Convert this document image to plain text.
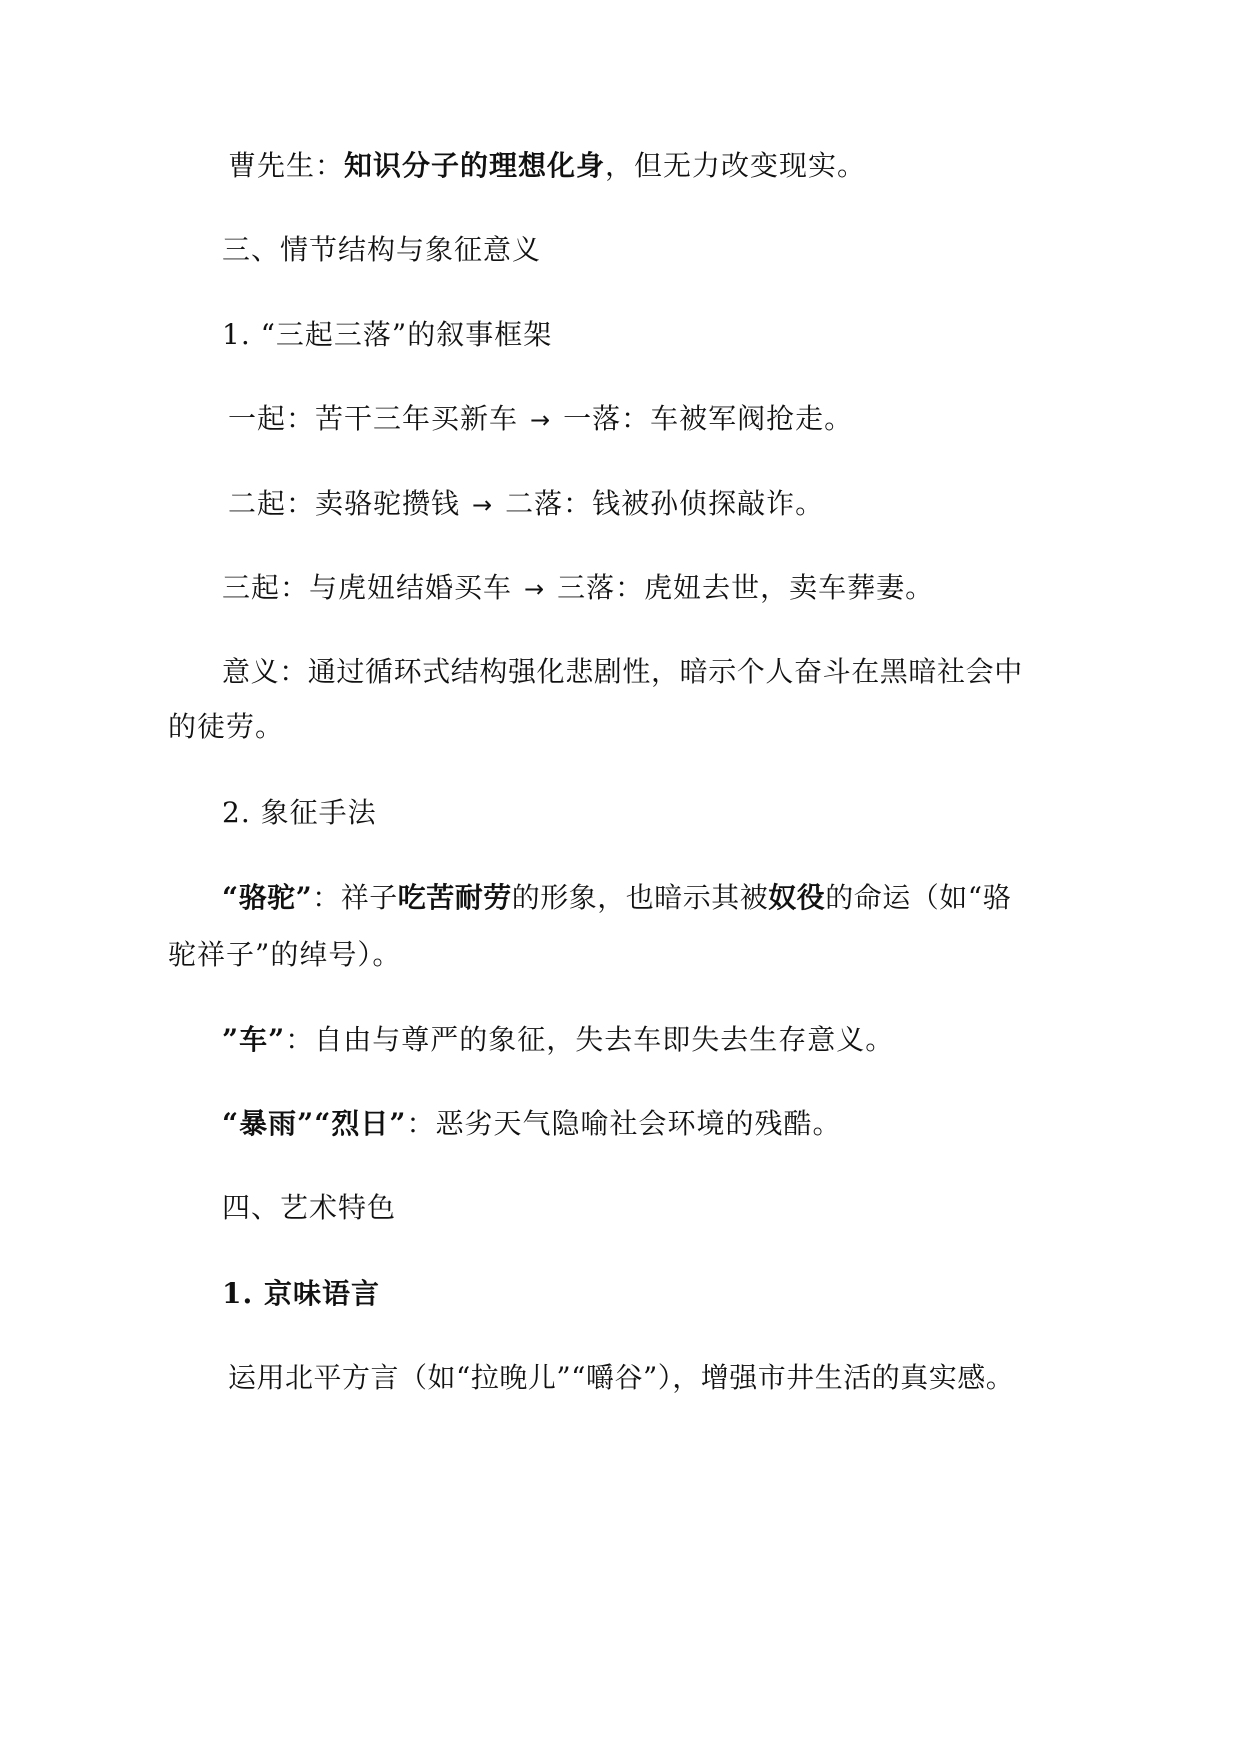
曹先生：知识分子的理想化身，但无力改变现实。
三、情节结构与象征意义
1. “三起三落”的叙事框架
一起：苦干三年买新车 → 一落：车被军阀抢走。
二起：卖骆驼攒钱 → 二落：钱被孙侦探敲诈。
三起：与虎妞结婚买车 → 三落：虎妞去世，卖车葬妻。
意义：通过循环式结构强化悲剧性，暗示个人奋斗在黑暗社会中
的徒劳。
2. 象征手法
“骆驼”：祥子吃苦耐劳的形象，也暗示其被奴役的命运（如“骆
驼祥子”的绰号）。
”车”：自由与尊严的象征，失去车即失去生存意义。
“暴雨”“烈日”：恶劣天气隐喻社会环境的残酷。
四、艺术特色
1. 京味语言
运用北平方言（如“拉晚儿”“嚼谷”），增强市井生活的真实感。
